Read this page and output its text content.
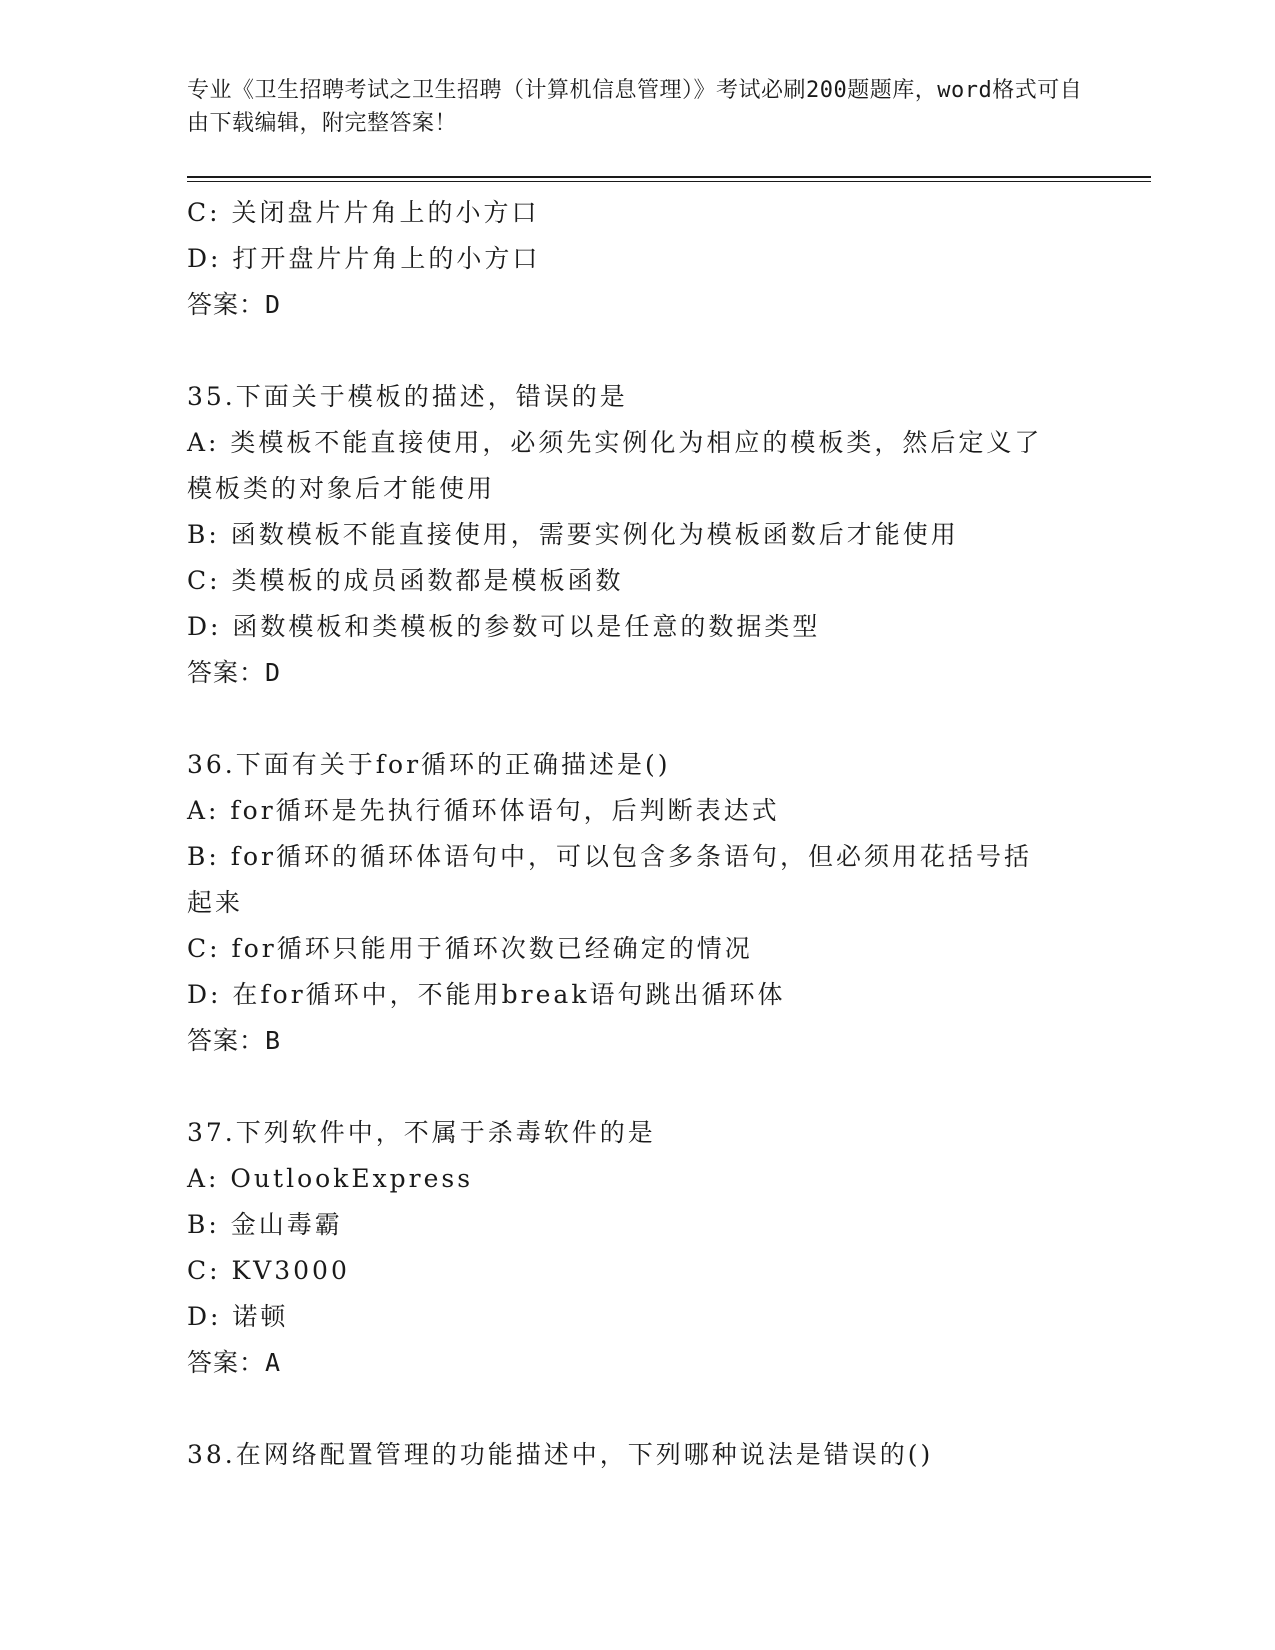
专业《卫生招聘考试之卫生招聘（计算机信息管理）》考试必刷200题题库，word格式可自由下载编辑，附完整答案！
C: 关闭盘片片角上的小方口
D: 打开盘片片角上的小方口
答案：D
35.下面关于模板的描述，错误的是
A: 类模板不能直接使用，必须先实例化为相应的模板类，然后定义了模板类的对象后才能使用
B: 函数模板不能直接使用，需要实例化为模板函数后才能使用
C: 类模板的成员函数都是模板函数
D: 函数模板和类模板的参数可以是任意的数据类型
答案：D
36.下面有关于for循环的正确描述是()
A: for循环是先执行循环体语句，后判断表达式
B: for循环的循环体语句中，可以包含多条语句，但必须用花括号括起来
C: for循环只能用于循环次数已经确定的情况
D: 在for循环中，不能用break语句跳出循环体
答案：B
37.下列软件中，不属于杀毒软件的是
A: OutlookExpress
B: 金山毒霸
C: KV3000
D: 诺顿
答案：A
38.在网络配置管理的功能描述中，下列哪种说法是错误的()
